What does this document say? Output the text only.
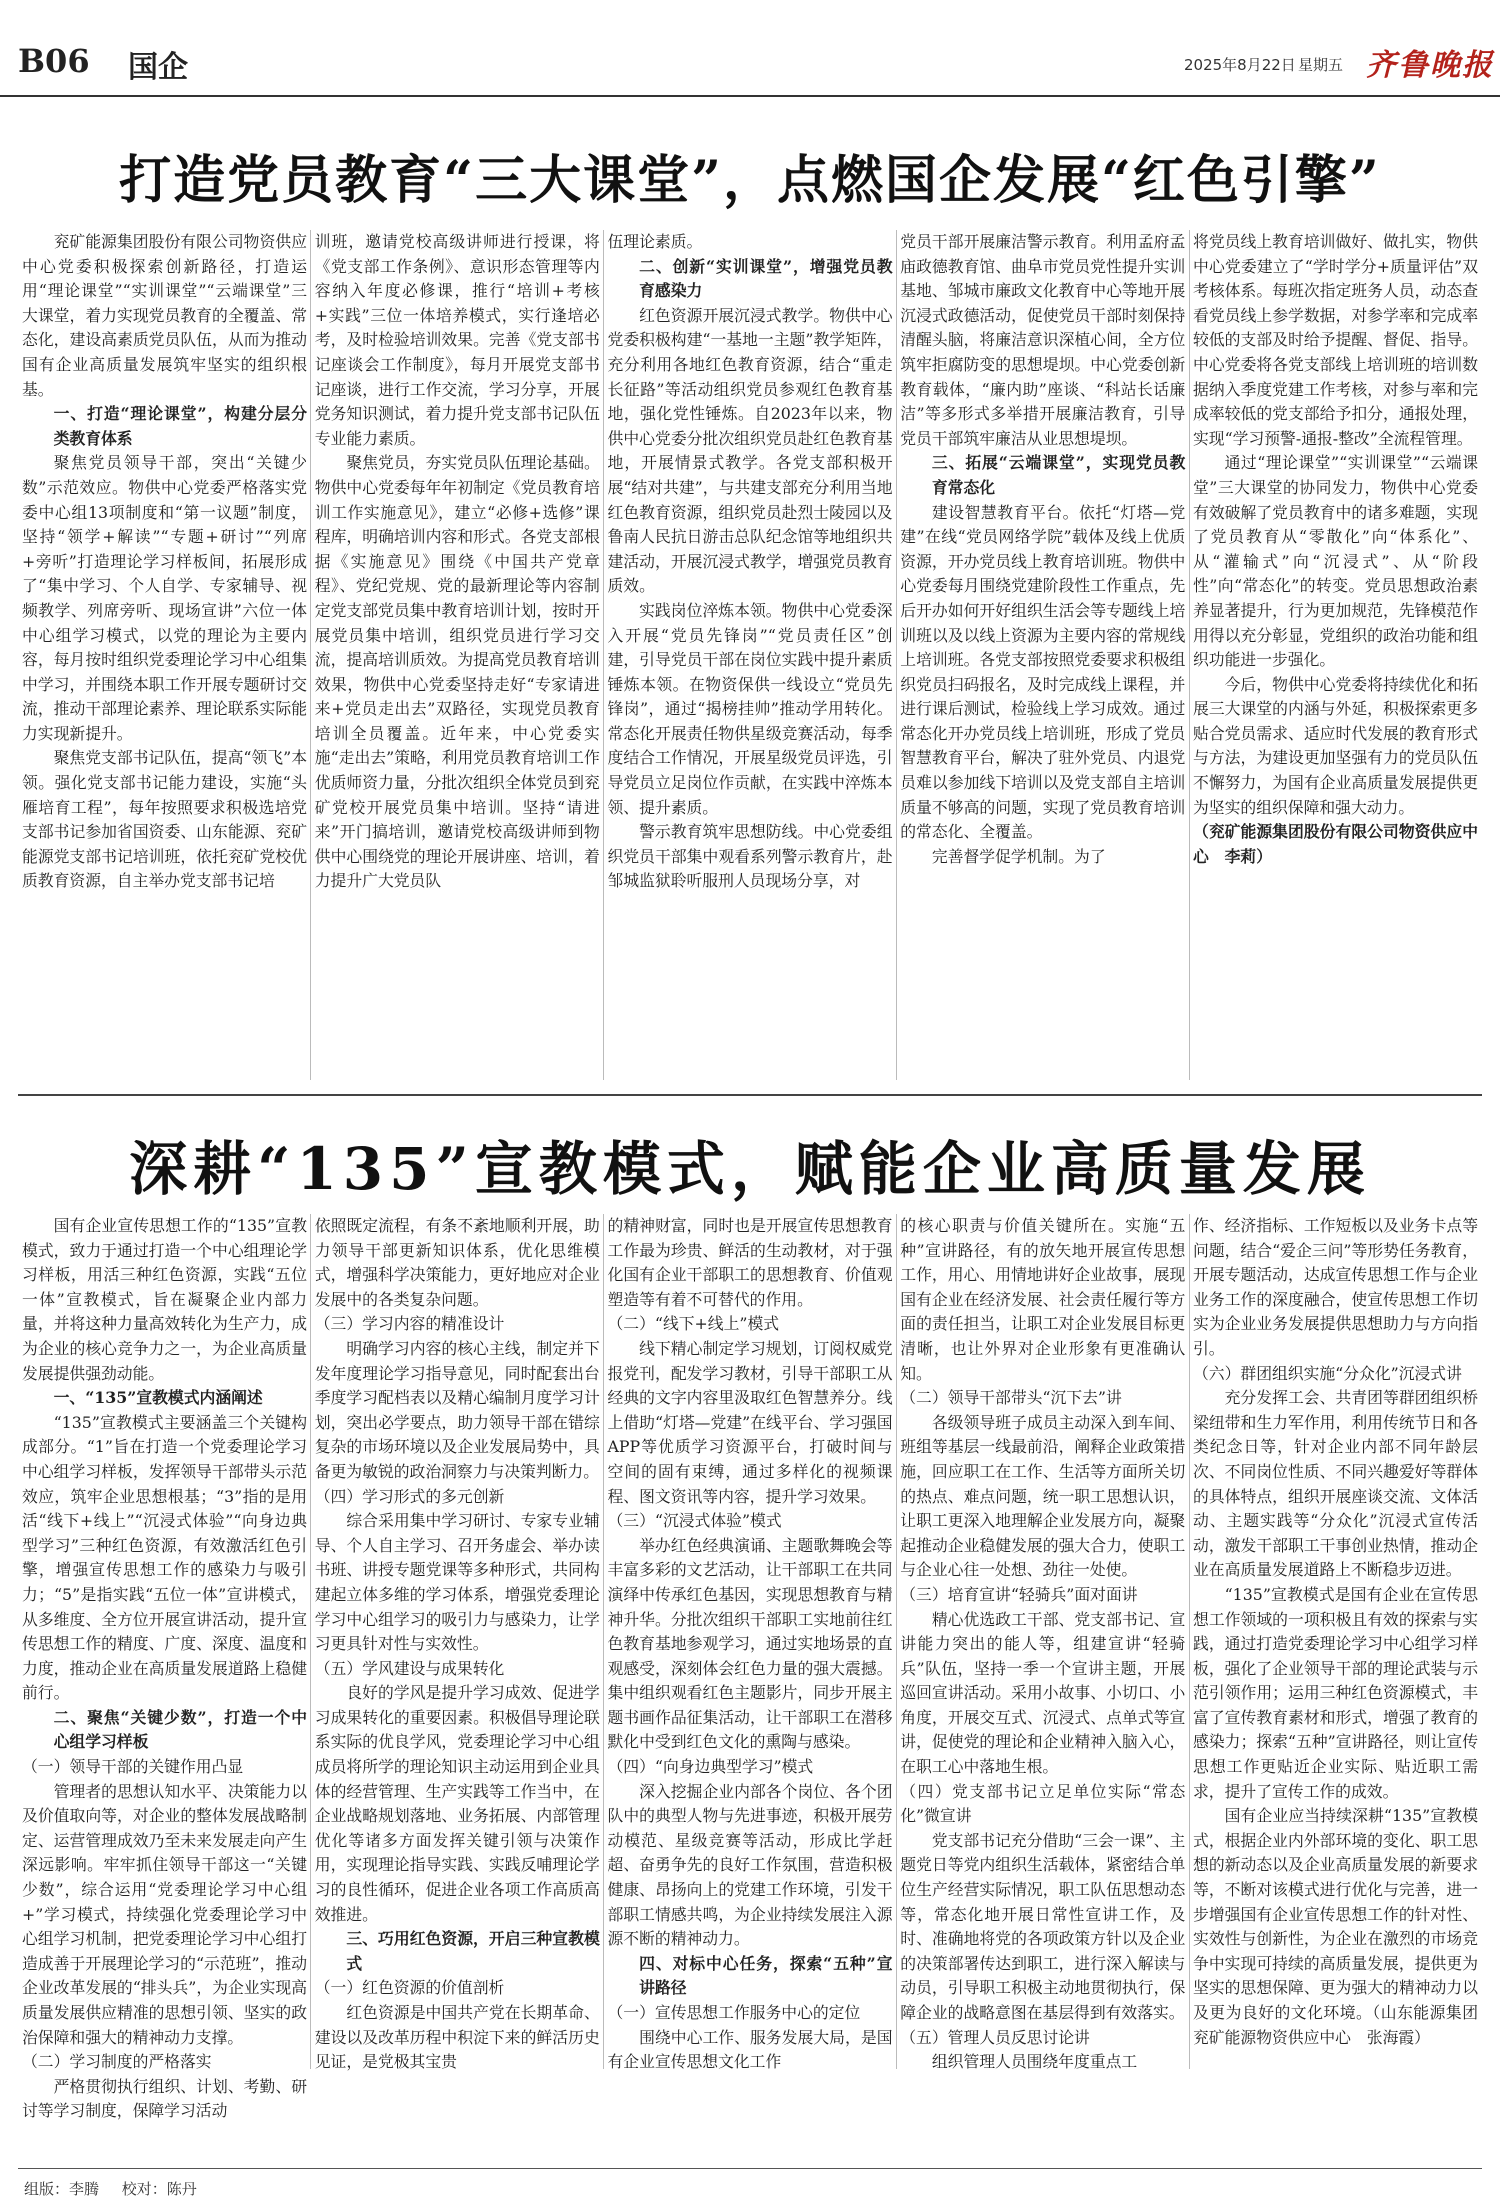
B06 国企	2025年8月22日 星期五 齐鲁晚报
打造党员教育“三大课堂”，点燃国企发展“红色引擎”

兖矿能源集团股份有限公司物资供应中心党委积极探索创新路径，打造运用“理论课堂”“实训课堂”“云端课堂”三大课堂，着力实现党员教育的全覆盖、常态化，建设高素质党员队伍，从而为推动国有企业高质量发展筑牢坚实的组织根基。

一、打造“理论课堂”，构建分层分类教育体系

聚焦党员领导干部，突出“关键少数”示范效应。物供中心党委严格落实党委中心组13项制度和“第一议题”制度，坚持“领学+解读”“专题+研讨”“列席+旁听”打造理论学习样板间，拓展形成了“集中学习、个人自学、专家辅导、视频教学、列席旁听、现场宣讲”六位一体中心组学习模式，以党的理论为主要内容，每月按时组织党委理论学习中心组集中学习，并围绕本职工作开展专题研讨交流，推动干部理论素养、理论联系实际能力实现新提升。

聚焦党支部书记队伍，提高“领飞”本领。强化党支部书记能力建设，实施“头雁培育工程”，每年按照要求积极选培党支部书记参加省国资委、山东能源、兖矿能源党支部书记培训班，依托兖矿党校优质教育资源，自主举办党支部书记培

训班，邀请党校高级讲师进行授课，将《党支部工作条例》、意识形态管理等内容纳入年度必修课，推行“培训+考核+实践”三位一体培养模式，实行逢培必考，及时检验培训效果。完善《党支部书记座谈会工作制度》，每月开展党支部书记座谈，进行工作交流，学习分享，开展党务知识测试，着力提升党支部书记队伍专业能力素质。

聚焦党员，夯实党员队伍理论基础。物供中心党委每年年初制定《党员教育培训工作实施意见》，建立“必修+选修”课程库，明确培训内容和形式。各党支部根据《实施意见》围绕《中国共产党章程》、党纪党规、党的最新理论等内容制定党支部党员集中教育培训计划，按时开展党员集中培训，组织党员进行学习交流，提高培训质效。为提高党员教育培训效果，物供中心党委坚持走好“专家请进来+党员走出去”双路径，实现党员教育培训全员覆盖。近年来，中心党委实施“走出去”策略，利用党员教育培训工作优质师资力量，分批次组织全体党员到兖矿党校开展党员集中培训。坚持“请进来”开门搞培训，邀请党校高级讲师到物供中心围绕党的理论开展讲座、培训，着力提升广大党员队

伍理论素质。

二、创新“实训课堂”，增强党员教育感染力

红色资源开展沉浸式教学。物供中心党委积极构建“一基地一主题”教学矩阵，充分利用各地红色教育资源，结合“重走长征路”等活动组织党员参观红色教育基地，强化党性锤炼。自2023年以来，物供中心党委分批次组织党员赴红色教育基地，开展情景式教学。各党支部积极开展“结对共建”，与共建支部充分利用当地红色教育资源，组织党员赴烈士陵园以及鲁南人民抗日游击总队纪念馆等地组织共建活动，开展沉浸式教学，增强党员教育质效。

实践岗位淬炼本领。物供中心党委深入开展“党员先锋岗”“党员责任区”创建，引导党员干部在岗位实践中提升素质锤炼本领。在物资保供一线设立“党员先锋岗”，通过“揭榜挂帅”推动学用转化。常态化开展责任物供星级竞赛活动，每季度结合工作情况，开展星级党员评选，引导党员立足岗位作贡献，在实践中淬炼本领、提升素质。

警示教育筑牢思想防线。中心党委组织党员干部集中观看系列警示教育片，赴邹城监狱聆听服刑人员现场分享，对

党员干部开展廉洁警示教育。利用孟府孟庙政德教育馆、曲阜市党员党性提升实训基地、邹城市廉政文化教育中心等地开展沉浸式政德活动，促使党员干部时刻保持清醒头脑，将廉洁意识深植心间，全方位筑牢拒腐防变的思想堤坝。中心党委创新教育载体，“廉内助”座谈、“科站长话廉洁”等多形式多举措开展廉洁教育，引导党员干部筑牢廉洁从业思想堤坝。

三、拓展“云端课堂”，实现党员教育常态化

建设智慧教育平台。依托“灯塔—党建”在线“党员网络学院”载体及线上优质资源，开办党员线上教育培训班。物供中心党委每月围绕党建阶段性工作重点，先后开办如何开好组织生活会等专题线上培训班以及以线上资源为主要内容的常规线上培训班。各党支部按照党委要求积极组织党员扫码报名，及时完成线上课程，并进行课后测试，检验线上学习成效。通过常态化开办党员线上培训班，形成了党员智慧教育平台，解决了驻外党员、内退党员难以参加线下培训以及党支部自主培训质量不够高的问题，实现了党员教育培训的常态化、全覆盖。

完善督学促学机制。为了

将党员线上教育培训做好、做扎实，物供中心党委建立了“学时学分+质量评估”双考核体系。每班次指定班务人员，动态查看党员线上参学数据，对参学率和完成率较低的支部及时给予提醒、督促、指导。中心党委将各党支部线上培训班的培训数据纳入季度党建工作考核，对参与率和完成率较低的党支部给予扣分，通报处理，实现“学习预警-通报-整改”全流程管理。

通过“理论课堂”“实训课堂”“云端课堂”三大课堂的协同发力，物供中心党委有效破解了党员教育中的诸多难题，实现了党员教育从“零散化”向“体系化”、从“灌输式”向“沉浸式”、从“阶段性”向“常态化”的转变。党员思想政治素养显著提升，行为更加规范，先锋模范作用得以充分彰显，党组织的政治功能和组织功能进一步强化。

今后，物供中心党委将持续优化和拓展三大课堂的内涵与外延，积极探索更多贴合党员需求、适应时代发展的教育形式与方法，为建设更加坚强有力的党员队伍不懈努力，为国有企业高质量发展提供更为坚实的组织保障和强大动力。

（兖矿能源集团股份有限公司物资供应中心　李莉）

深耕“135”宣教模式，赋能企业高质量发展

国有企业宣传思想工作的“135”宣教模式，致力于通过打造一个中心组理论学习样板，用活三种红色资源，实践“五位一体”宣教模式，旨在凝聚企业内部力量，并将这种力量高效转化为生产力，成为企业的核心竞争力之一，为企业高质量发展提供强劲动能。

一、“135”宣教模式内涵阐述

“135”宣教模式主要涵盖三个关键构成部分。“1”旨在打造一个党委理论学习中心组学习样板，发挥领导干部带头示范效应，筑牢企业思想根基；“3”指的是用活“线下+线上”“沉浸式体验”“向身边典型学习”三种红色资源，有效激活红色引擎，增强宣传思想工作的感染力与吸引力；“5”是指实践“五位一体”宣讲模式，从多维度、全方位开展宣讲活动，提升宣传思想工作的精度、广度、深度、温度和力度，推动企业在高质量发展道路上稳健前行。

二、聚焦“关键少数”，打造一个中心组学习样板

（一）领导干部的关键作用凸显

管理者的思想认知水平、决策能力以及价值取向等，对企业的整体发展战略制定、运营管理成效乃至未来发展走向产生深远影响。牢牢抓住领导干部这一“关键少数”，综合运用“党委理论学习中心组+”学习模式，持续强化党委理论学习中心组学习机制，把党委理论学习中心组打造成善于开展理论学习的“示范班”，推动企业改革发展的“排头兵”，为企业实现高质量发展供应精准的思想引领、坚实的政治保障和强大的精神动力支撑。

（二）学习制度的严格落实

严格贯彻执行组织、计划、考勤、研讨等学习制度，保障学习活动

依照既定流程，有条不紊地顺利开展，助力领导干部更新知识体系，优化思维模式，增强科学决策能力，更好地应对企业发展中的各类复杂问题。

（三）学习内容的精准设计

明确学习内容的核心主线，制定并下发年度理论学习指导意见，同时配套出台季度学习配档表以及精心编制月度学习计划，突出必学要点，助力领导干部在错综复杂的市场环境以及企业发展局势中，具备更为敏锐的政治洞察力与决策判断力。

（四）学习形式的多元创新

综合采用集中学习研讨、专家专业辅导、个人自主学习、召开务虚会、举办读书班、讲授专题党课等多种形式，共同构建起立体多维的学习体系，增强党委理论学习中心组学习的吸引力与感染力，让学习更具针对性与实效性。

（五）学风建设与成果转化

良好的学风是提升学习成效、促进学习成果转化的重要因素。积极倡导理论联系实际的优良学风，党委理论学习中心组成员将所学的理论知识主动运用到企业具体的经营管理、生产实践等工作当中，在企业战略规划落地、业务拓展、内部管理优化等诸多方面发挥关键引领与决策作用，实现理论指导实践、实践反哺理论学习的良性循环，促进企业各项工作高质高效推进。

三、巧用红色资源，开启三种宣教模式

（一）红色资源的价值剖析

红色资源是中国共产党在长期革命、建设以及改革历程中积淀下来的鲜活历史见证，是党极其宝贵

的精神财富，同时也是开展宣传思想教育工作最为珍贵、鲜活的生动教材，对于强化国有企业干部职工的思想教育、价值观塑造等有着不可替代的作用。

（二）“线下+线上”模式

线下精心制定学习规划，订阅权威党报党刊，配发学习教材，引导干部职工从经典的文字内容里汲取红色智慧养分。线上借助“灯塔—党建”在线平台、学习强国APP等优质学习资源平台，打破时间与空间的固有束缚，通过多样化的视频课程、图文资讯等内容，提升学习效果。

（三）“沉浸式体验”模式

举办红色经典演诵、主题歌舞晚会等丰富多彩的文艺活动，让干部职工在共同演绎中传承红色基因，实现思想教育与精神升华。分批次组织干部职工实地前往红色教育基地参观学习，通过实地场景的直观感受，深刻体会红色力量的强大震撼。集中组织观看红色主题影片，同步开展主题书画作品征集活动，让干部职工在潜移默化中受到红色文化的熏陶与感染。

（四）“向身边典型学习”模式

深入挖掘企业内部各个岗位、各个团队中的典型人物与先进事迹，积极开展劳动模范、星级竞赛等活动，形成比学赶超、奋勇争先的良好工作氛围，营造积极健康、昂扬向上的党建工作环境，引发干部职工情感共鸣，为企业持续发展注入源源不断的精神动力。

四、对标中心任务，探索“五种”宣讲路径

（一）宣传思想工作服务中心的定位

围绕中心工作、服务发展大局，是国有企业宣传思想文化工作

的核心职责与价值关键所在。实施“五种”宣讲路径，有的放矢地开展宣传思想工作，用心、用情地讲好企业故事，展现国有企业在经济发展、社会责任履行等方面的责任担当，让职工对企业发展目标更清晰，也让外界对企业形象有更准确认知。

（二）领导干部带头“沉下去”讲

各级领导班子成员主动深入到车间、班组等基层一线最前沿，阐释企业政策措施，回应职工在工作、生活等方面所关切的热点、难点问题，统一职工思想认识，让职工更深入地理解企业发展方向，凝聚起推动企业稳健发展的强大合力，使职工与企业心往一处想、劲往一处使。

（三）培育宣讲“轻骑兵”面对面讲

精心优选政工干部、党支部书记、宣讲能力突出的能人等，组建宣讲“轻骑兵”队伍，坚持一季一个宣讲主题，开展巡回宣讲活动。采用小故事、小切口、小角度，开展交互式、沉浸式、点单式等宣讲，促使党的理论和企业精神入脑入心，在职工心中落地生根。

（四）党支部书记立足单位实际“常态化”微宣讲

党支部书记充分借助“三会一课”、主题党日等党内组织生活载体，紧密结合单位生产经营实际情况，职工队伍思想动态等，常态化地开展日常性宣讲工作，及时、准确地将党的各项政策方针以及企业的决策部署传达到职工，进行深入解读与动员，引导职工积极主动地贯彻执行，保障企业的战略意图在基层得到有效落实。

（五）管理人员反思讨论讲

组织管理人员围绕年度重点工

作、经济指标、工作短板以及业务卡点等问题，结合“爱企三问”等形势任务教育，开展专题活动，达成宣传思想工作与企业业务工作的深度融合，使宣传思想工作切实为企业业务发展提供思想助力与方向指引。

（六）群团组织实施“分众化”沉浸式讲

充分发挥工会、共青团等群团组织桥梁纽带和生力军作用，利用传统节日和各类纪念日等，针对企业内部不同年龄层次、不同岗位性质、不同兴趣爱好等群体的具体特点，组织开展座谈交流、文体活动、主题实践等“分众化”沉浸式宣传活动，激发干部职工干事创业热情，推动企业在高质量发展道路上不断稳步迈进。

“135”宣教模式是国有企业在宣传思想工作领域的一项积极且有效的探索与实践，通过打造党委理论学习中心组学习样板，强化了企业领导干部的理论武装与示范引领作用；运用三种红色资源模式，丰富了宣传教育素材和形式，增强了教育的感染力；探索“五种”宣讲路径，则让宣传思想工作更贴近企业实际、贴近职工需求，提升了宣传工作的成效。

国有企业应当持续深耕“135”宣教模式，根据企业内外部环境的变化、职工思想的新动态以及企业高质量发展的新要求等，不断对该模式进行优化与完善，进一步增强国有企业宣传思想工作的针对性、实效性与创新性，为企业在激烈的市场竞争中实现可持续的高质量发展，提供更为坚实的思想保障、更为强大的精神动力以及更为良好的文化环境。（山东能源集团兖矿能源物资供应中心　张海霞）

组版：李腾 校对：陈丹
